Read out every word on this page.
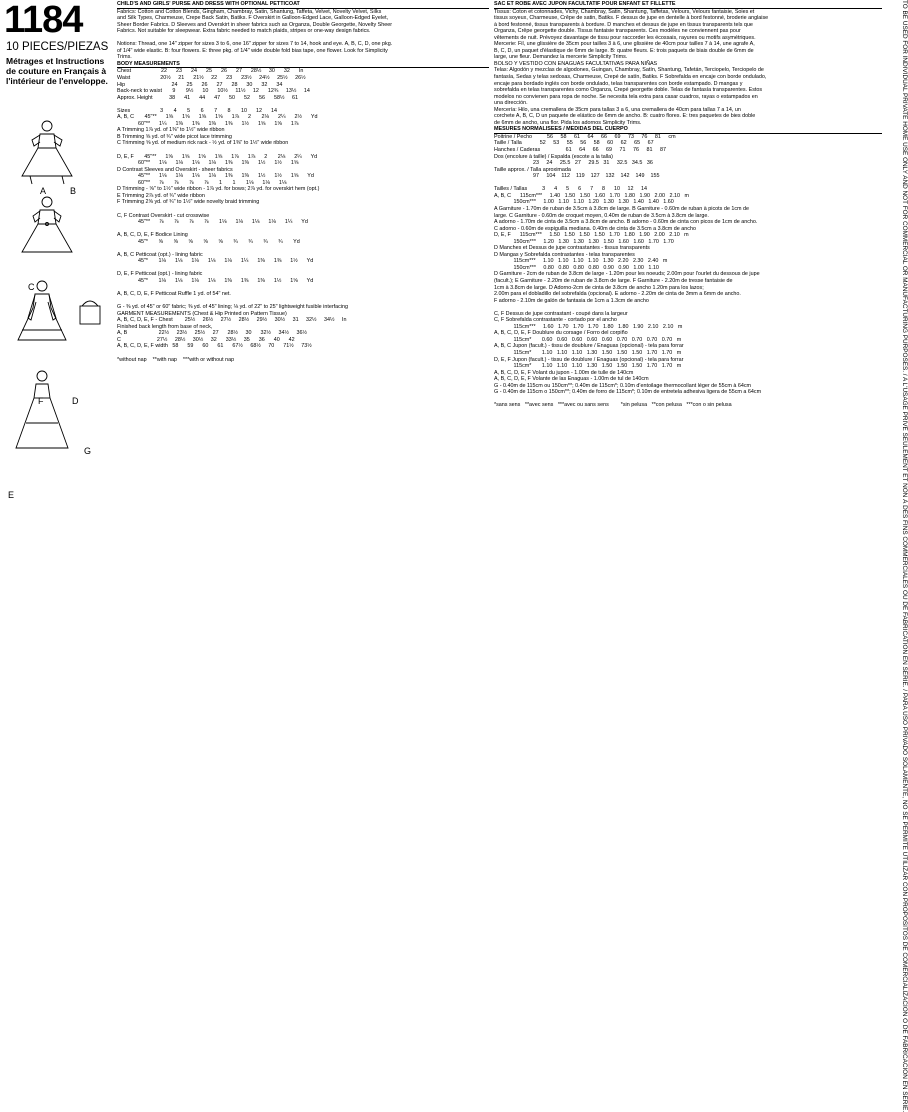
1184
10 PIECES/PIEZAS
Métrages et Instructions de couture en Français à l'intérieur de l'enveloppe.
A	B
C
F	D
G
E
CHILD'S AND GIRLS' PURSE AND DRESS WITH OPTIONAL PETTICOAT
Fabrics: Cotton and Cotton Blends, Gingham, Chambray, Satin, Shantung, Taffeta, Velvet, Novelty Velvet, Silks
and Silk Types, Charmeuse, Crepe Back Satin, Batiks. F Overskirt in Galloon-Edged Lace, Galloon-Edged Eyelet,
Sheer Border Fabrics. D Sleeves and Overskirt in sheer fabrics such as Organza, Double Georgette, Novelty Sheer
Fabrics. Not suitable for sleepwear. Extra fabric needed to match plaids, stripes or one-way design fabrics.
Notions: Thread, one 14" zipper for sizes 3 to 6, one 16" zipper for sizes 7 to 14, hook and eye. A, B, C, D, one pkg.
of 1/4" wide elastic. B: four flowers. E: three pkg. of 1/4" wide double fold bias tape, one flower. Look for Simplicity
Trims.
BODY MEASUREMENTS
Chest                    22      23      24      25      26      27      28½     30      32      In
Waist                    20½     21      21½     22      23      23½     24½     25½     26½
Hip                               24      25      26      27      28      30      32      34
Back-neck to waist       9       9½      10      10½     11½     12      12¾     13½     14
Approx. Height           38      41      44      47      50      52      56      58½     61
Sizes                    3       4       5       6       7       8       10      12      14
A, B, C       45"**      1⅝      1⅝      1⅝      1⅝      1⅞      2       2⅛      2¼      2½      Yd
60"**      1¼      1⅜      1⅜      1⅜      1⅜      1½      1⅝      1⅝      1⅞
A Trimming 1⅞ yd. of 1⅜" to 1½" wide ribbon
B Trimming ⅝ yd. of ¾" wide picot lace trimming
C Trimming ⅝ yd. of medium rick rack - ½ yd. of 1⅜" to 1½" wide ribbon
D, E, F       45"**      1⅝      1⅝      1⅝      1⅝      1⅞      1⅞      2       2⅛      2¼      Yd
60"**      1⅛      1⅛      1⅛      1⅛      1⅜      1⅜      1½      1½      1⅝
D Contrast Sleeves and Overskirt - sheer fabrics
45"**      1⅛      1⅛      1⅛      1⅛      1⅜      1⅜      1½      1½      1⅝      Yd
60"**      ⅞       ⅞       ⅞       ⅞       1       1       1⅛      1⅛      1⅛
D Trimming - ⅝" to 1½" wide ribbon - 1⅞ yd. for bows; 2⅞ yd. for overskirt hem (opt.)
E Trimming 2⅞ yd. of ¾" wide ribbon
F Trimming 2⅝ yd. of ¾" to 1½" wide novelty braid trimming
C, F Contrast Overskirt - cut crosswise
45"**      ⅞       ⅞       ⅞       ⅞       1⅛      1⅛      1⅛      1⅛      1¼      Yd
A, B, C, D, E, F Bodice Lining
45"*       ⅝       ⅝       ⅝       ⅝       ⅝       ¾       ¾       ¾       ¾       Yd
A, B, C Petticoat (opt.) - lining fabric
45"*       1⅛      1⅛      1⅛      1⅛      1⅛      1¼      1⅜      1⅜      1½      Yd
D, E, F Petticoat (opt.) - lining fabric
45"*       1⅛      1⅛      1⅛      1⅛      1⅜      1⅜      1⅜      1½      1⅝      Yd
A, B, C, D, E, F Petticoat Ruffle 1 yd. of 54" net.
G - ⅜ yd. of 45" or 60" fabric; ⅜ yd. of 45" lining; ⅛ yd. of 22" to 25" lightweight fusible interfacing
GARMENT MEASUREMENTS (Chest & Hip Printed on Pattern Tissue)
A, B, C, D, E, F - Chest        25½     26½     27½     28½     29½     30½     31     32½     34½     In
Finished back length from base of neck,
A, B                     22½     23½     25½     27      28½     30      32½     34½     36½
C                        27½     28½     30½     32      33½     35      36      40      42
A, B, C, D, E, F width   58      59      60      61      67½     68½     70      71½     73½
*without nap    **with nap    ***with or without nap
SAC ET ROBE AVEC JUPON FACULTATIF POUR ENFANT ET FILLETTE
Tissus: Coton et cotonnades, Vichy, Chambray, Satin, Shantung, Taffetas, Velours, Velours fantaisie, Soies et
tissus soyeux, Charmeuse, Crêpe de satin, Batiks. F dessus de jupe en dentelle à bord festonné, broderie anglaise
à bord festonné, tissus transparents à bordure. D manches et dessus de jupe en tissus transparents tels que
Organza, Crêpe georgette double. Tissus fantaisie transparents. Ces modèles ne conviennent pas pour
vêtements de nuit. Prévoyez davantage de tissu pour raccorder les écossais, rayures ou motifs asymétriques.
Mercerie: Fil, une glissière de 35cm pour tailles 3 à 6, une glissière de 40cm pour tailles 7 à 14, une agrafe A,
B, C, D, un paquet d'élastique de 6mm de large. B: quatre fleurs. E: trois paquets de biais double de 6mm de
large, une fleur. Demandez la mercerie Simplicity Trims.
BOLSO Y VESTIDO CON ENAGUAS FACULTATIVAS PARA NIÑAS
Telas: Algodón y mezclas de algodones, Guingan, Chambray, Satín, Shantung, Tafetán, Terciopelo, Terciopelo de
fantasía, Sedas y telas sedosas, Charmeuse, Crepé de satín, Batiks. F Sobrefalda en encaje con borde ondulado,
encaje para bordado inglés con borde ondulado, telas transparentes con borde estampado. D mangas y
sobrefalda en telas transparentes como Organza, Crepé georgette doble. Telas de fantasía transparentes. Estos
modelos no convienen para ropa de noche. Se necesita tela extra para casar cuadros, rayas o estampados en
una dirección.
Mercería: Hilo, una cremallera de 35cm para tallas 3 a 6, una cremallera de 40cm para tallas 7 a 14, un
corchete A, B, C, D un paquete de elástico de 6mm de ancho. B: cuatro flores. E: tres paquetes de bies doble
de 6mm de ancho, una flor. Pida los adornos Simplicity Trims.
MESURES NORMALISEES / MEDIDAS DEL CUERPO
Poitrine / Pecho          56     58     61     64     66     69     73     76     81     cm
Taille / Talla            52     53     55     56     58     60     62     65     67
Hanches / Caderas                 61     64     66     69     71     76     81     87
Dos (encolure à taille) / Espalda (escote a la talla)
23     24     25.5   27     29.5   31     32.5   34.5   36
Taille approx. / Talla aproximada
97     104    112    119    127    132    142    149    155
Tailles / Tallas          3      4      5      6      7      8      10     12     14
A, B, C      115cm***     1.40   1.50   1.50   1.60   1.70   1.80   1.90   2.00   2.10   m
150cm***     1.00   1.10   1.10   1.20   1.30   1.30   1.40   1.40   1.60
A Garniture - 1.70m de ruban de 3.5cm à 3.8cm de large. B Garniture - 0.60m de ruban à picots de 1cm de
large. C Garniture - 0.60m de croquet moyen, 0.40m de ruban de 3.5cm à 3.8cm de large.
A adorno - 1.70m de cinta de 3.5cm a 3.8cm de ancho. B adorno - 0.60m de cinta con picos de 1cm de ancho.
C adorno - 0.60m de espiguilla mediana. 0.40m de cinta de 3.5cm a 3.8cm de ancho
D, E, F      115cm***     1.50   1.50   1.50   1.50   1.70   1.80   1.90   2.00   2.10   m
150cm***     1.20   1.30   1.30   1.30   1.50   1.60   1.60   1.70   1.70
D Manches et Dessus de jupe contrastantes - tissus transparents
D Mangas y Sobrefalda contrastantes - telas transparentes
115cm***     1.10   1.10   1.10   1.10   1.30   2.20   2.30   2.40   m
150cm***     0.80   0.80   0.80   0.80   0.90   0.90   1.00   1.10
D Garniture - 2cm de ruban de 3.8cm de large - 1.20m pour les noeuds; 2.00m pour l'ourlet du dessous de jupe
(facult.); E Garniture - 2.20m de ruban de 3.8cm de large. F Garniture - 2.20m de tresse fantaisie de
1cm à 3.8cm de large. D Adorno-2cm de cinta de 3.8cm de ancho 1.20m para los lazos;
2.00m para el dobladillo del sobrefalda (opcional). E adorno - 2.20m de cinta de 3mm a 6mm de ancho.
F adorno - 2.10m de galón de fantasia de 1cm a 1.3cm de ancho
C, F Dessus de jupe contrastant - coupé dans la largeur
C, F Sobrefalda contrastante - cortado por el ancho
115cm***     1.60   1.70   1.70   1.70   1.80   1.80   1.90   2.10   2.10   m
A, B, C, D, E, F Doublure du corsage / Forro del corpiño
115cm*       0.60   0.60   0.60   0.60   0.60   0.70   0.70   0.70   0.70   m
A, B, C Jupon (facult.) - tissu de doublure / Enaguas (opcional) - tela para forrar
115cm*       1.10   1.10   1.10   1.30   1.50   1.50   1.50   1.70   1.70   m
D, E, F Jupon (facult.) - tissu de doublure / Enaguas (opcional) - tela para forrar
115cm*       1.10   1.10   1.10   1.30   1.50   1.50   1.50   1.70   1.70   m
A, B, C, D, E, F Volant du jupon - 1.00m de tulle de 140cm
A, B, C, D, E, F Volante de las Enaguas - 1.00m de tul de 140cm
G - 0.40m de 115cm ou 150cm**; 0.40m de 115cm*; 0.10m d'entoilage thermocollant léger de 55cm à 64cm
G - 0.40m de 115cm o 150cm**; 0.40m de forro de 115cm*; 0.10m de entretela adhesiva ligera de 55cm a 64cm
*sans sens   **avec sens   ***avec ou sans sens        *sin pelusa   **con pelusa   ***con o sin pelusa	TO BE USED FOR INDIVIDUAL PRIVATE HOME USE ONLY AND NOT FOR COMMERCIAL OR MANUFACTURING PURPOSES. / A L'USAGE PRIVÉ SEULEMENT ET NON À DES FINS COMMERCIALES OU DE FABRICATION EN SÉRIE. / PARA USO PRIVADO SOLAMENTE, NO SE PERMITE UTILIZAR CON PROPÓSITOS DE COMERCIALIZACIÓN O DE FABRICACIÓN EN SERIE.
